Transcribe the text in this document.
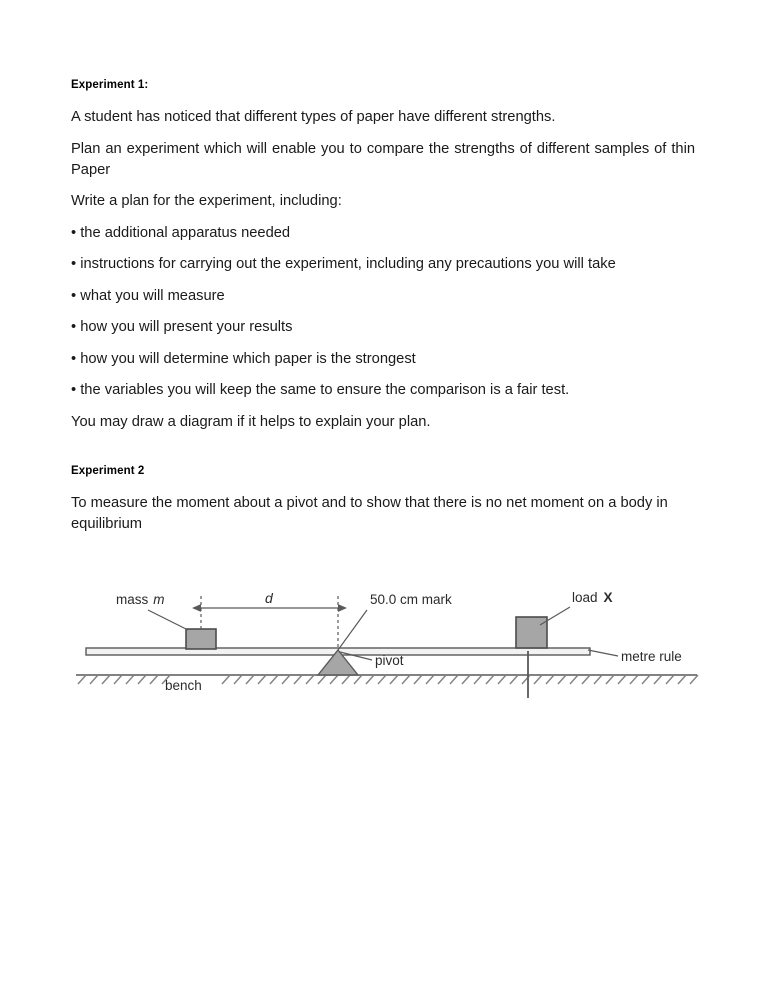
Experiment 1:

A student has noticed that different types of paper have different strengths.

Plan an experiment which will enable you to compare the strengths of different samples of thin Paper

Write a plan for the experiment, including:

• the additional apparatus needed

• instructions for carrying out the experiment, including any precautions you will take

• what you will measure

• how you will present your results

• how you will determine which paper is the strongest

• the variables you will keep the same to ensure the comparison is a fair test.

You may draw a diagram if it helps to explain your plan.

Experiment 2

To measure the moment about a pivot and to show that there is no net moment on a body in equilibrium

bench
d
mass m	50.0 cm mark
pivot
load X
metre rule
